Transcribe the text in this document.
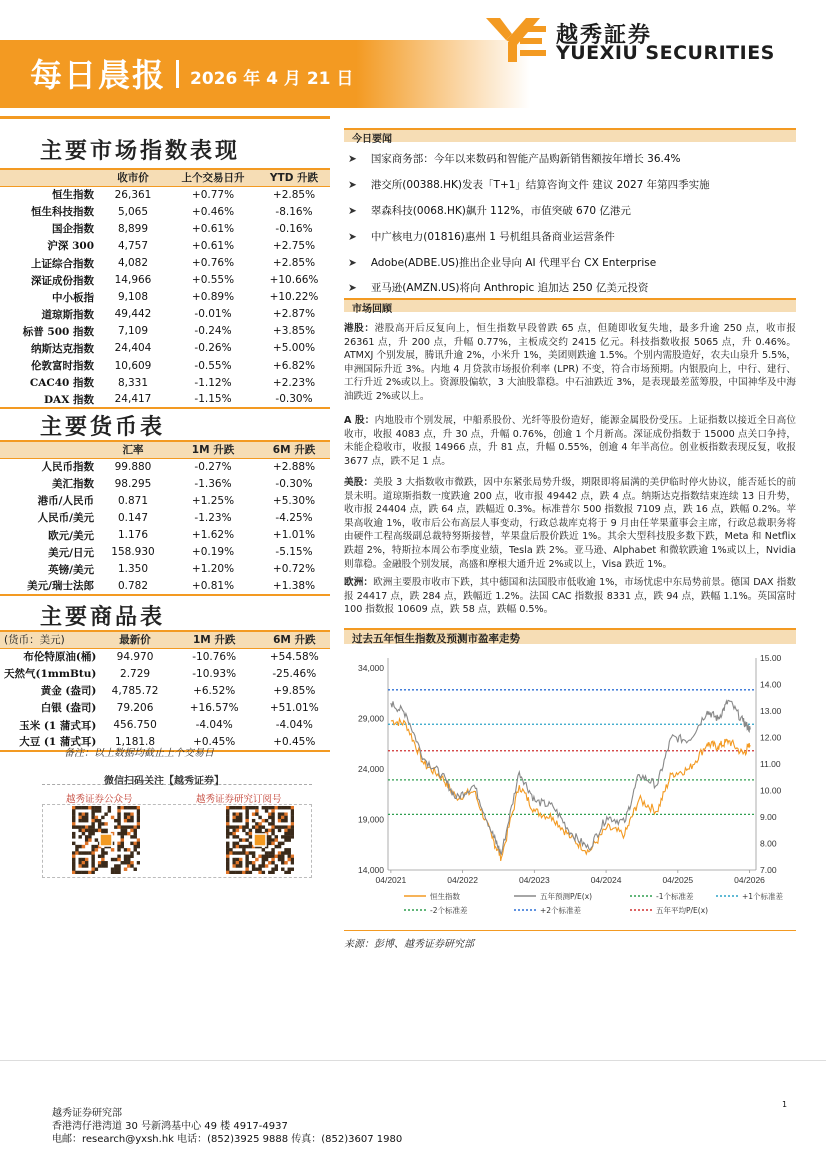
每日晨报 2026 年 4 月 21 日
越秀証券
YUEXIU SECURITIES
主要市场指数表现
	收市价	上个交易日升	YTD 升跌
恒生指数	26,361	+0.77%	+2.85%
恒生科技指数	5,065	+0.46%	-8.16%
国企指数	8,899	+0.61%	-0.16%
沪深 300	4,757	+0.61%	+2.75%
上证综合指数	4,082	+0.76%	+2.85%
深证成份指数	14,966	+0.55%	+10.66%
中小板指	9,108	+0.89%	+10.22%
道琼斯指数	49,442	-0.01%	+2.87%
标普 500 指数	7,109	-0.24%	+3.85%
纳斯达克指数	24,404	-0.26%	+5.00%
伦敦富时指数	10,609	-0.55%	+6.82%
CAC40 指数	8,331	-1.12%	+2.23%
DAX 指数	24,417	-1.15%	-0.30%
主要货币表
	汇率	1M 升跌	6M 升跌
人民币指数	99.880	-0.27%	+2.88%
美汇指数	98.295	-1.36%	-0.30%
港币/人民币	0.871	+1.25%	+5.30%
人民币/美元	0.147	-1.23%	-4.25%
欧元/美元	1.176	+1.62%	+1.01%
美元/日元	158.930	+0.19%	-5.15%
英镑/美元	1.350	+1.20%	+0.72%
美元/瑞士法郎	0.782	+0.81%	+1.38%
主要商品表
(货币：美元)	最新价	1M 升跌	6M 升跌
布伦特原油(桶)	94.970	-10.76%	+54.58%
天然气(1mmBtu)	2.729	-10.93%	-25.46%
黄金 (盎司)	4,785.72	+6.52%	+9.85%
白银 (盎司)	79.206	+16.57%	+51.01%
玉米 (1 蒲式耳)	456.750	-4.04%	-4.04%
大豆 (1 蒲式耳)	1,181.8	+0.45%	+0.45%
备注：以上数据均截止上个交易日
微信扫码关注【越秀证券】
越秀证券公众号	越秀证券研究订阅号
今日要闻
➤ 国家商务部：今年以来数码和智能产品购新销售额按年增长 36.4%
➤ 港交所(00388.HK)发表「T+1」结算咨询文件 建议 2027 年第四季实施
➤ 翠森科技(0068.HK)飙升 112%，市值突破 670 亿港元
➤ 中广核电力(01816)惠州 1 号机组具备商业运营条件
➤ Adobe(ADBE.US)推出企业导向 AI 代理平台 CX Enterprise
➤ 亚马逊(AMZN.US)将向 Anthropic 追加达 250 亿美元投资
市场回顾
港股：港股高开后反复向上，恒生指数早段曾跌 65 点，但随即收复失地，最多升逾 250 点，收市报 26361 点，升 200 点，升幅 0.77%，主板成交约 2415 亿元。科技指数收报 5065 点，升 0.46%。ATMXJ 个别发展，腾讯升逾 2%，小米升 1%，美团则跌逾 1.5%。个别内需股造好，农夫山泉升 5.5%，申洲国际升近 3%。内地 4 月贷款市场报价利率 (LPR) 不变，符合市场预期。内银股向上，中行、建行、工行升近 2%或以上。资源股偏软，3 大油股靠稳。中石油跌近 3%，是表现最差蓝筹股，中国神华及中海油跌近 2%或以上。
A 股：内地股市个别发展，中船系股份、光纤等股份造好，能源金属股份受压。上证指数以接近全日高位收市，收报 4083 点，升 30 点，升幅 0.76%，创逾 1 个月新高。深证成份指数于 15000 点关口争持，未能企稳收市，收报 14966 点，升 81 点，升幅 0.55%，创逾 4 年半高位。创业板指数表现反复，收报 3677 点，跌不足 1 点。
美股：美股 3 大指数收市微跌，因中东紧张局势升级，期限即将届满的美伊临时停火协议，能否延长的前景未明。道琼斯指数一度跌逾 200 点，收市报 49442 点，跌 4 点。纳斯达克指数结束连续 13 日升势，收市报 24404 点，跌 64 点，跌幅近 0.3%。标准普尔 500 指数报 7109 点，跌 16 点，跌幅 0.2%。苹果高收逾 1%，收市后公布高层人事变动，行政总裁库克将于 9 月由任苹果董事会主席，行政总裁职务将由硬件工程高级副总裁特努斯接替，苹果盘后股价跌近 1%。其余大型科技股多数下跌，Meta 和 Netflix 跌超 2%，特斯拉本周公布季度业绩，Tesla 跌 2%。亚马逊、Alphabet 和微软跌逾 1%或以上，Nvidia 则靠稳。金融股个别发展，高盛和摩根大通升近 2%或以上，Visa 跌近 1%。
欧洲：欧洲主要股市收市下跌，其中德国和法国股市低收逾 1%，市场忧虑中东局势前景。德国 DAX 指数报 24417 点，跌 284 点，跌幅近 1.2%。法国 CAC 指数报 8331 点，跌 94 点，跌幅 1.1%。英国富时 100 指数报 10609 点，跌 58 点，跌幅 0.5%。
过去五年恒生指数及预测市盈率走势
14,000
19,000
24,000
29,000
34,000
7.00
8.00
9.00
10.00
11.00
12.00
13.00
14.00
15.00
04/2021	04/2022	04/2023	04/2024	04/2025	04/2026
恒生指数	五年预测P/E(x)	-1个标准差	+1个标准差
-2个标准差	+2个标准差	五年平均P/E(x)
来源：彭博、越秀证券研究部
越秀证券研究部
香港湾仔港湾道 30 号新鸿基中心 49 楼 4917-4937
电邮：research@yxsh.hk 电话：(852)3925 9888 传真：(852)3607 1980
1
